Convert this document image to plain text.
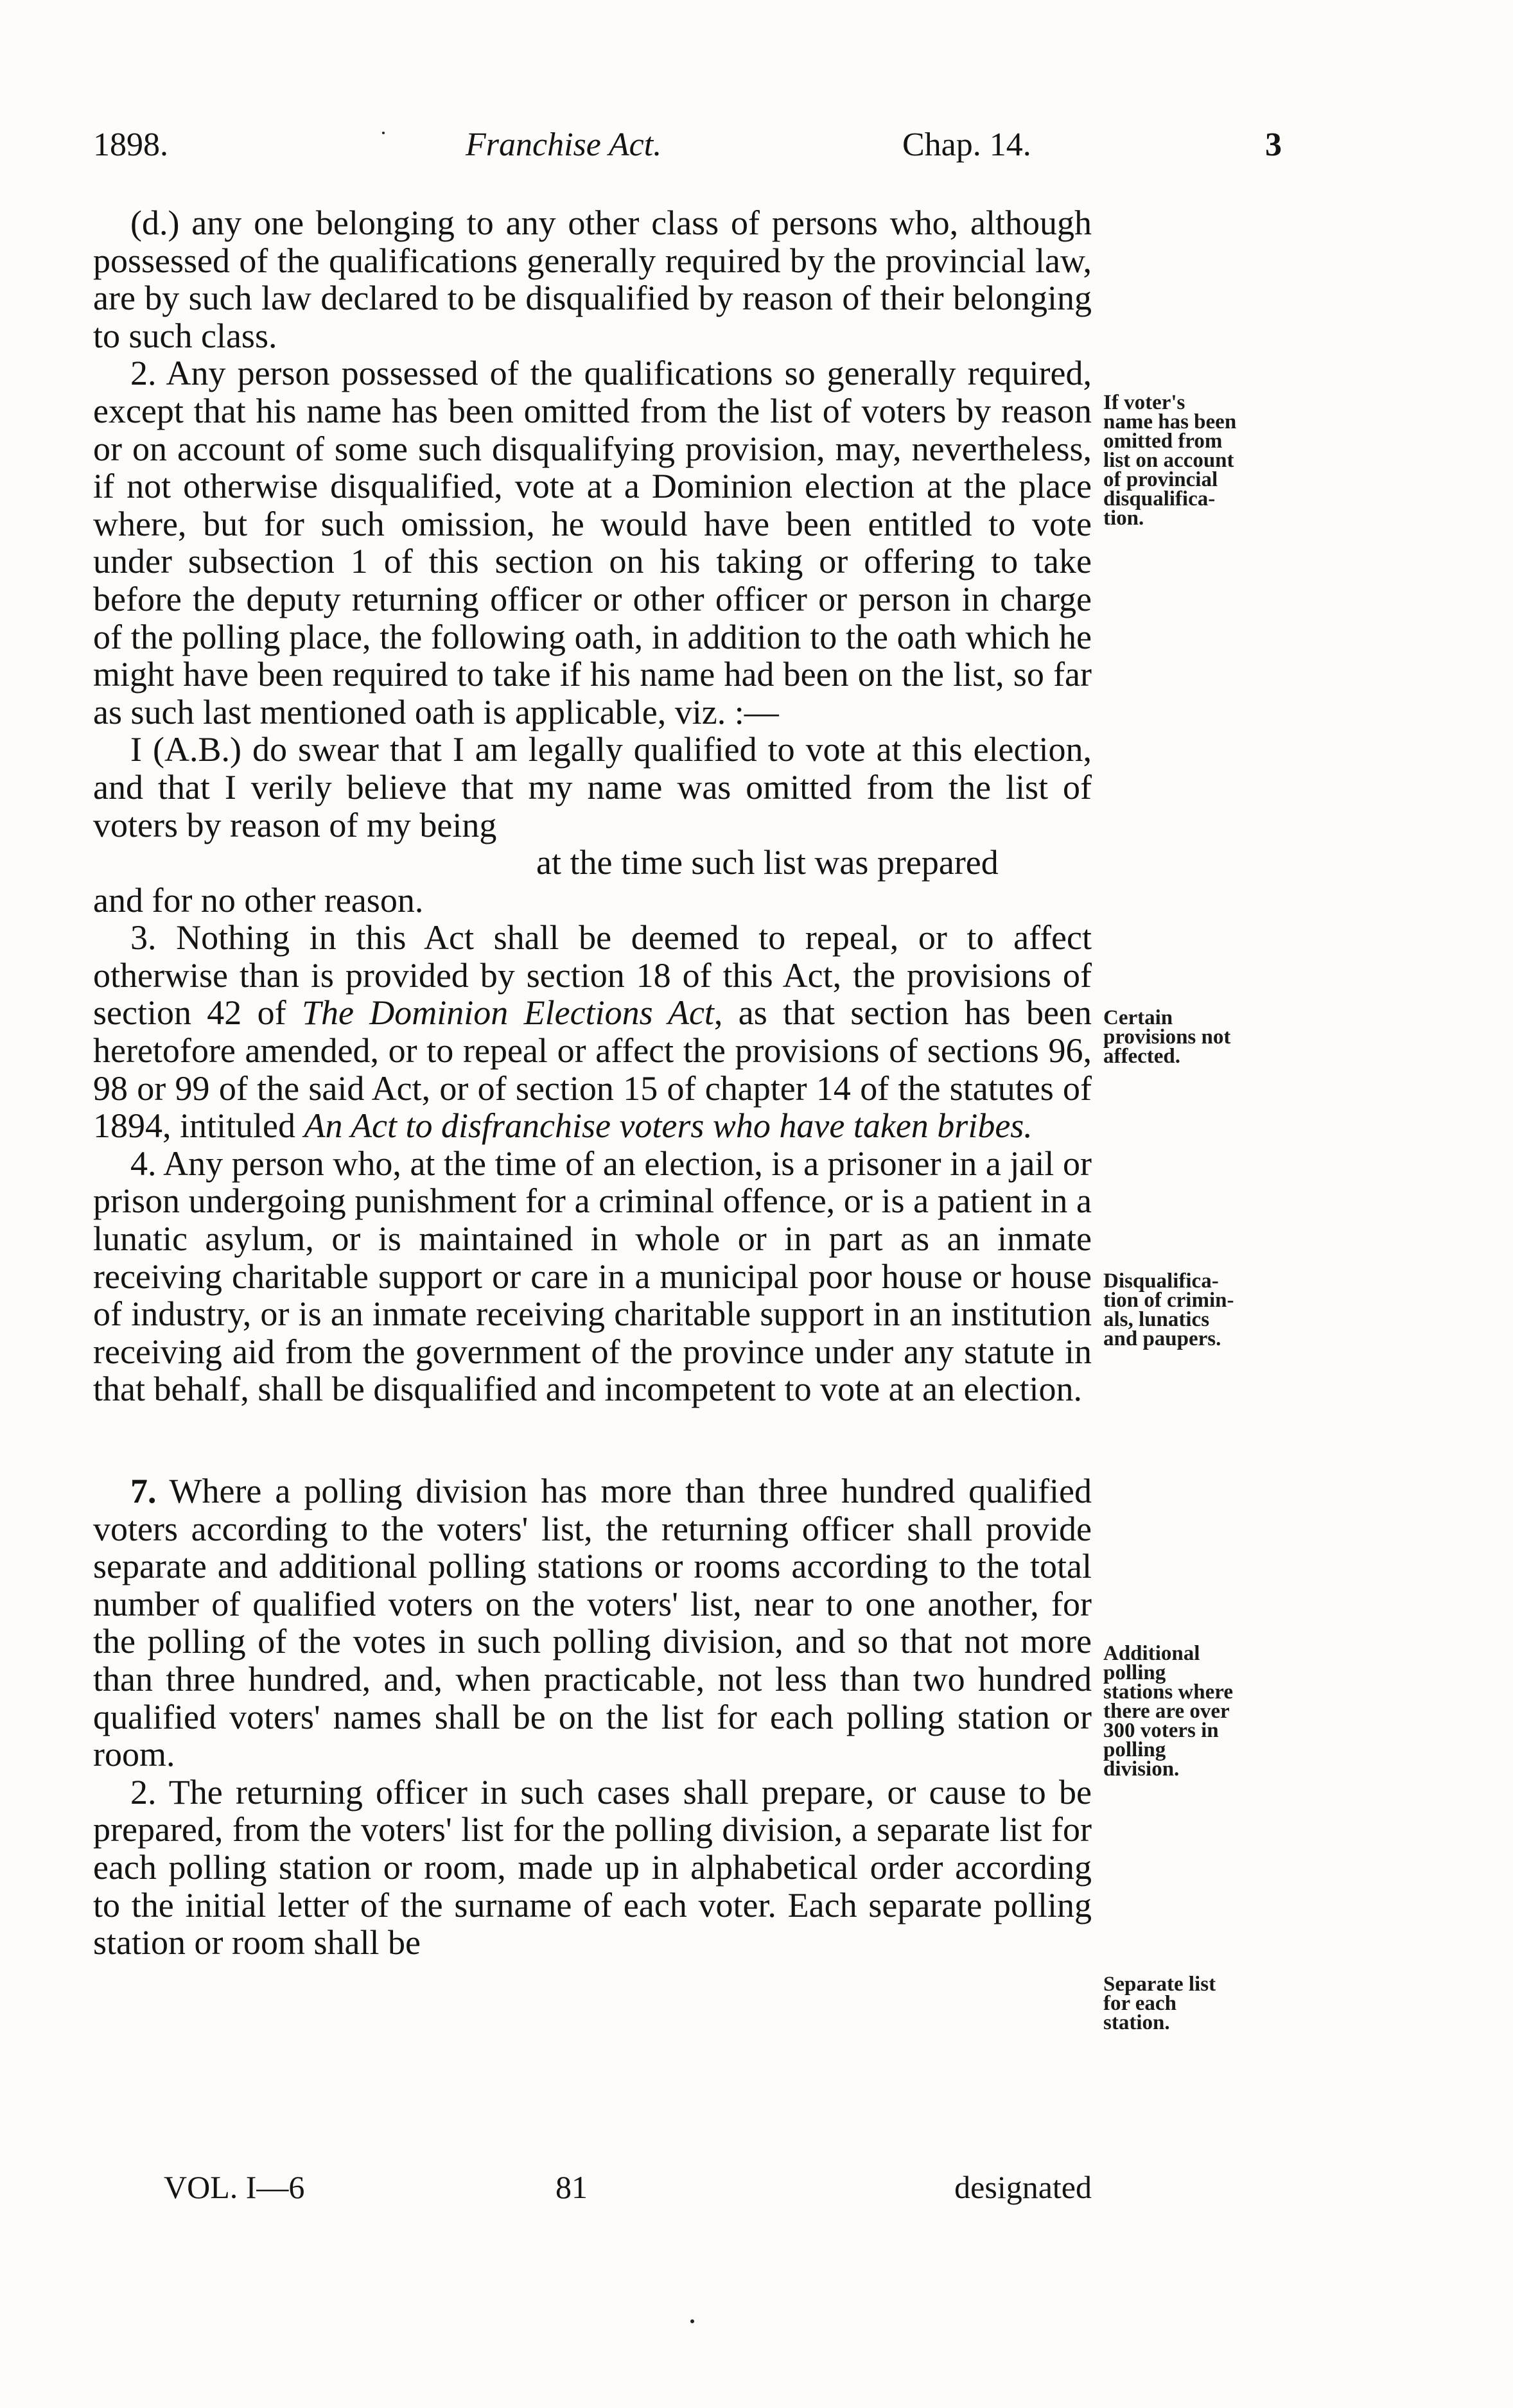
1898.	Franchise Act.	Chap. 14.	3

(d.) any one belonging to any other class of persons who, although possessed of the qualifications generally required by the provincial law, are by such law declared to be disqualified by reason of their belonging to such class.

2. Any person possessed of the qualifications so generally required, except that his name has been omitted from the list of voters by reason or on account of some such disqualifying provision, may, nevertheless, if not otherwise disqualified, vote at a Dominion election at the place where, but for such omission, he would have been entitled to vote under subsection 1 of this section on his taking or offering to take before the deputy returning officer or other officer or person in charge of the polling place, the following oath, in addition to the oath which he might have been required to take if his name had been on the list, so far as such last mentioned oath is applicable, viz. :—

I (A.B.) do swear that I am legally qualified to vote at this election, and that I verily believe that my name was omitted from the list of voters by reason of my being

at the time such list was prepared

and for no other reason.

3. Nothing in this Act shall be deemed to repeal, or to affect otherwise than is provided by section 18 of this Act, the provisions of section 42 of The Dominion Elections Act, as that section has been heretofore amended, or to repeal or affect the provisions of sections 96, 98 or 99 of the said Act, or of section 15 of chapter 14 of the statutes of 1894, intituled An Act to disfranchise voters who have taken bribes.

4. Any person who, at the time of an election, is a prisoner in a jail or prison undergoing punishment for a criminal offence, or is a patient in a lunatic asylum, or is maintained in whole or in part as an inmate receiving charitable support or care in a municipal poor house or house of industry, or is an inmate receiving charitable support in an institution receiving aid from the government of the province under any statute in that behalf, shall be disqualified and incompetent to vote at an election.

7. Where a polling division has more than three hundred qualified voters according to the voters' list, the returning officer shall provide separate and additional polling stations or rooms according to the total number of qualified voters on the voters' list, near to one another, for the polling of the votes in such polling division, and so that not more than three hundred, and, when practicable, not less than two hundred qualified voters' names shall be on the list for each polling station or room.

2. The returning officer in such cases shall prepare, or cause to be prepared, from the voters' list for the polling division, a separate list for each polling station or room, made up in alphabetical order according to the initial letter of the surname of each voter. Each separate polling station or room shall be

If voter's
name has been
omitted from
list on account
of provincial
disqualifica-
tion.
Certain
provisions not
affected.
Disqualifica-
tion of crimin-
als, lunatics
and paupers.
Additional
polling
stations where
there are over
300 voters in
polling
division.
Separate list
for each
station.
VOL. I—6	81	designated
